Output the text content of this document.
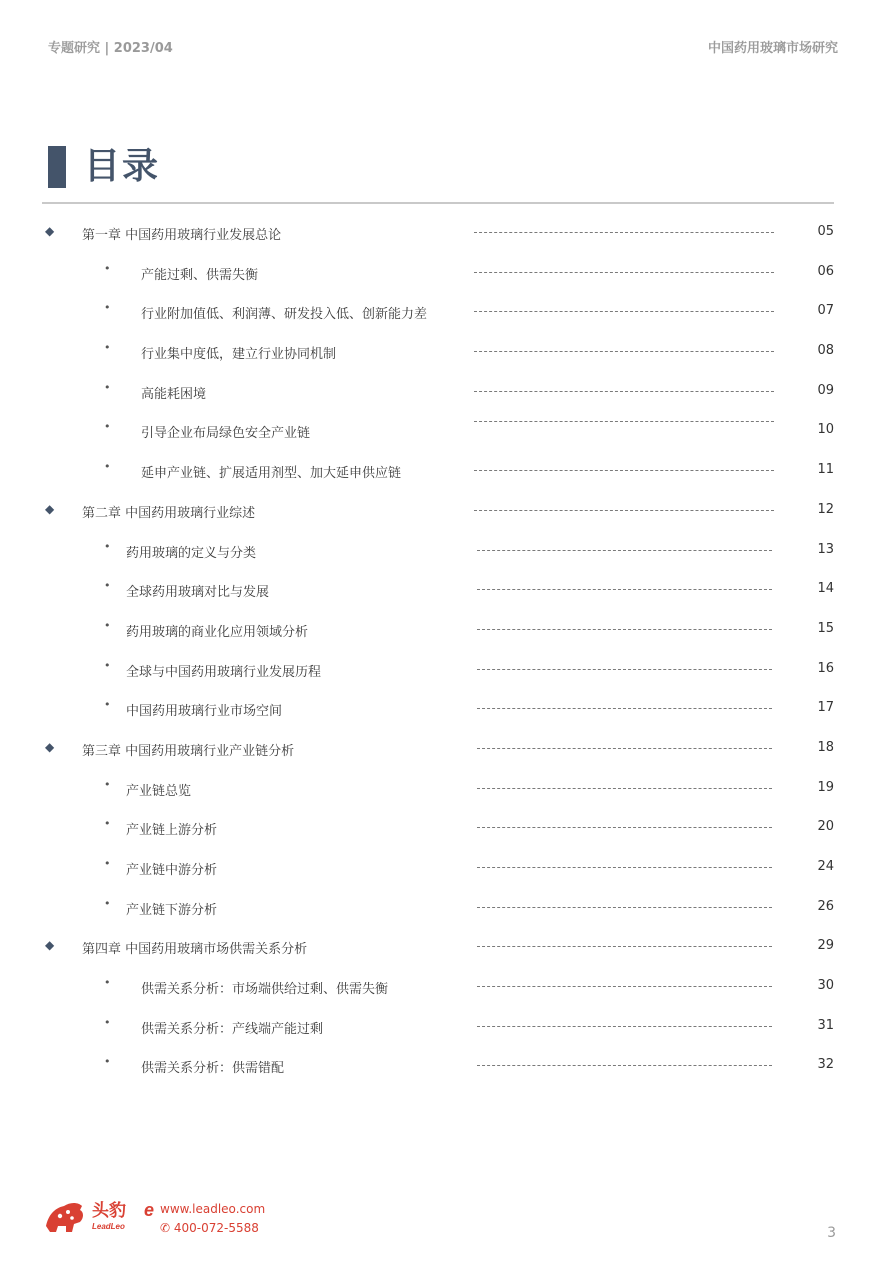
专题研究 | 2023/04	中国药用玻璃市场研究
目录
◆ 第一章 中国药用玻璃行业发展总论	05
• 产能过剩、供需失衡	06
• 行业附加值低、利润薄、研发投入低、创新能力差	07
• 行业集中度低，建立行业协同机制	08
• 高能耗困境	09
• 引导企业布局绿色安全产业链	10
• 延申产业链、扩展适用剂型、加大延申供应链	11
◆ 第二章 中国药用玻璃行业综述	12
• 药用玻璃的定义与分类	13
• 全球药用玻璃对比与发展	14
• 药用玻璃的商业化应用领域分析	15
• 全球与中国药用玻璃行业发展历程	16
• 中国药用玻璃行业市场空间	17
◆ 第三章 中国药用玻璃行业产业链分析	18
• 产业链总览	19
• 产业链上游分析	20
• 产业链中游分析	24
• 产业链下游分析	26
◆ 第四章 中国药用玻璃市场供需关系分析	29
• 供需关系分析：市场端供给过剩、供需失衡	30
• 供需关系分析：产线端产能过剩	31
• 供需关系分析：供需错配	32
头豹
LeadLeo
e www.leadleo.com
✆ 400-072-5588	3
